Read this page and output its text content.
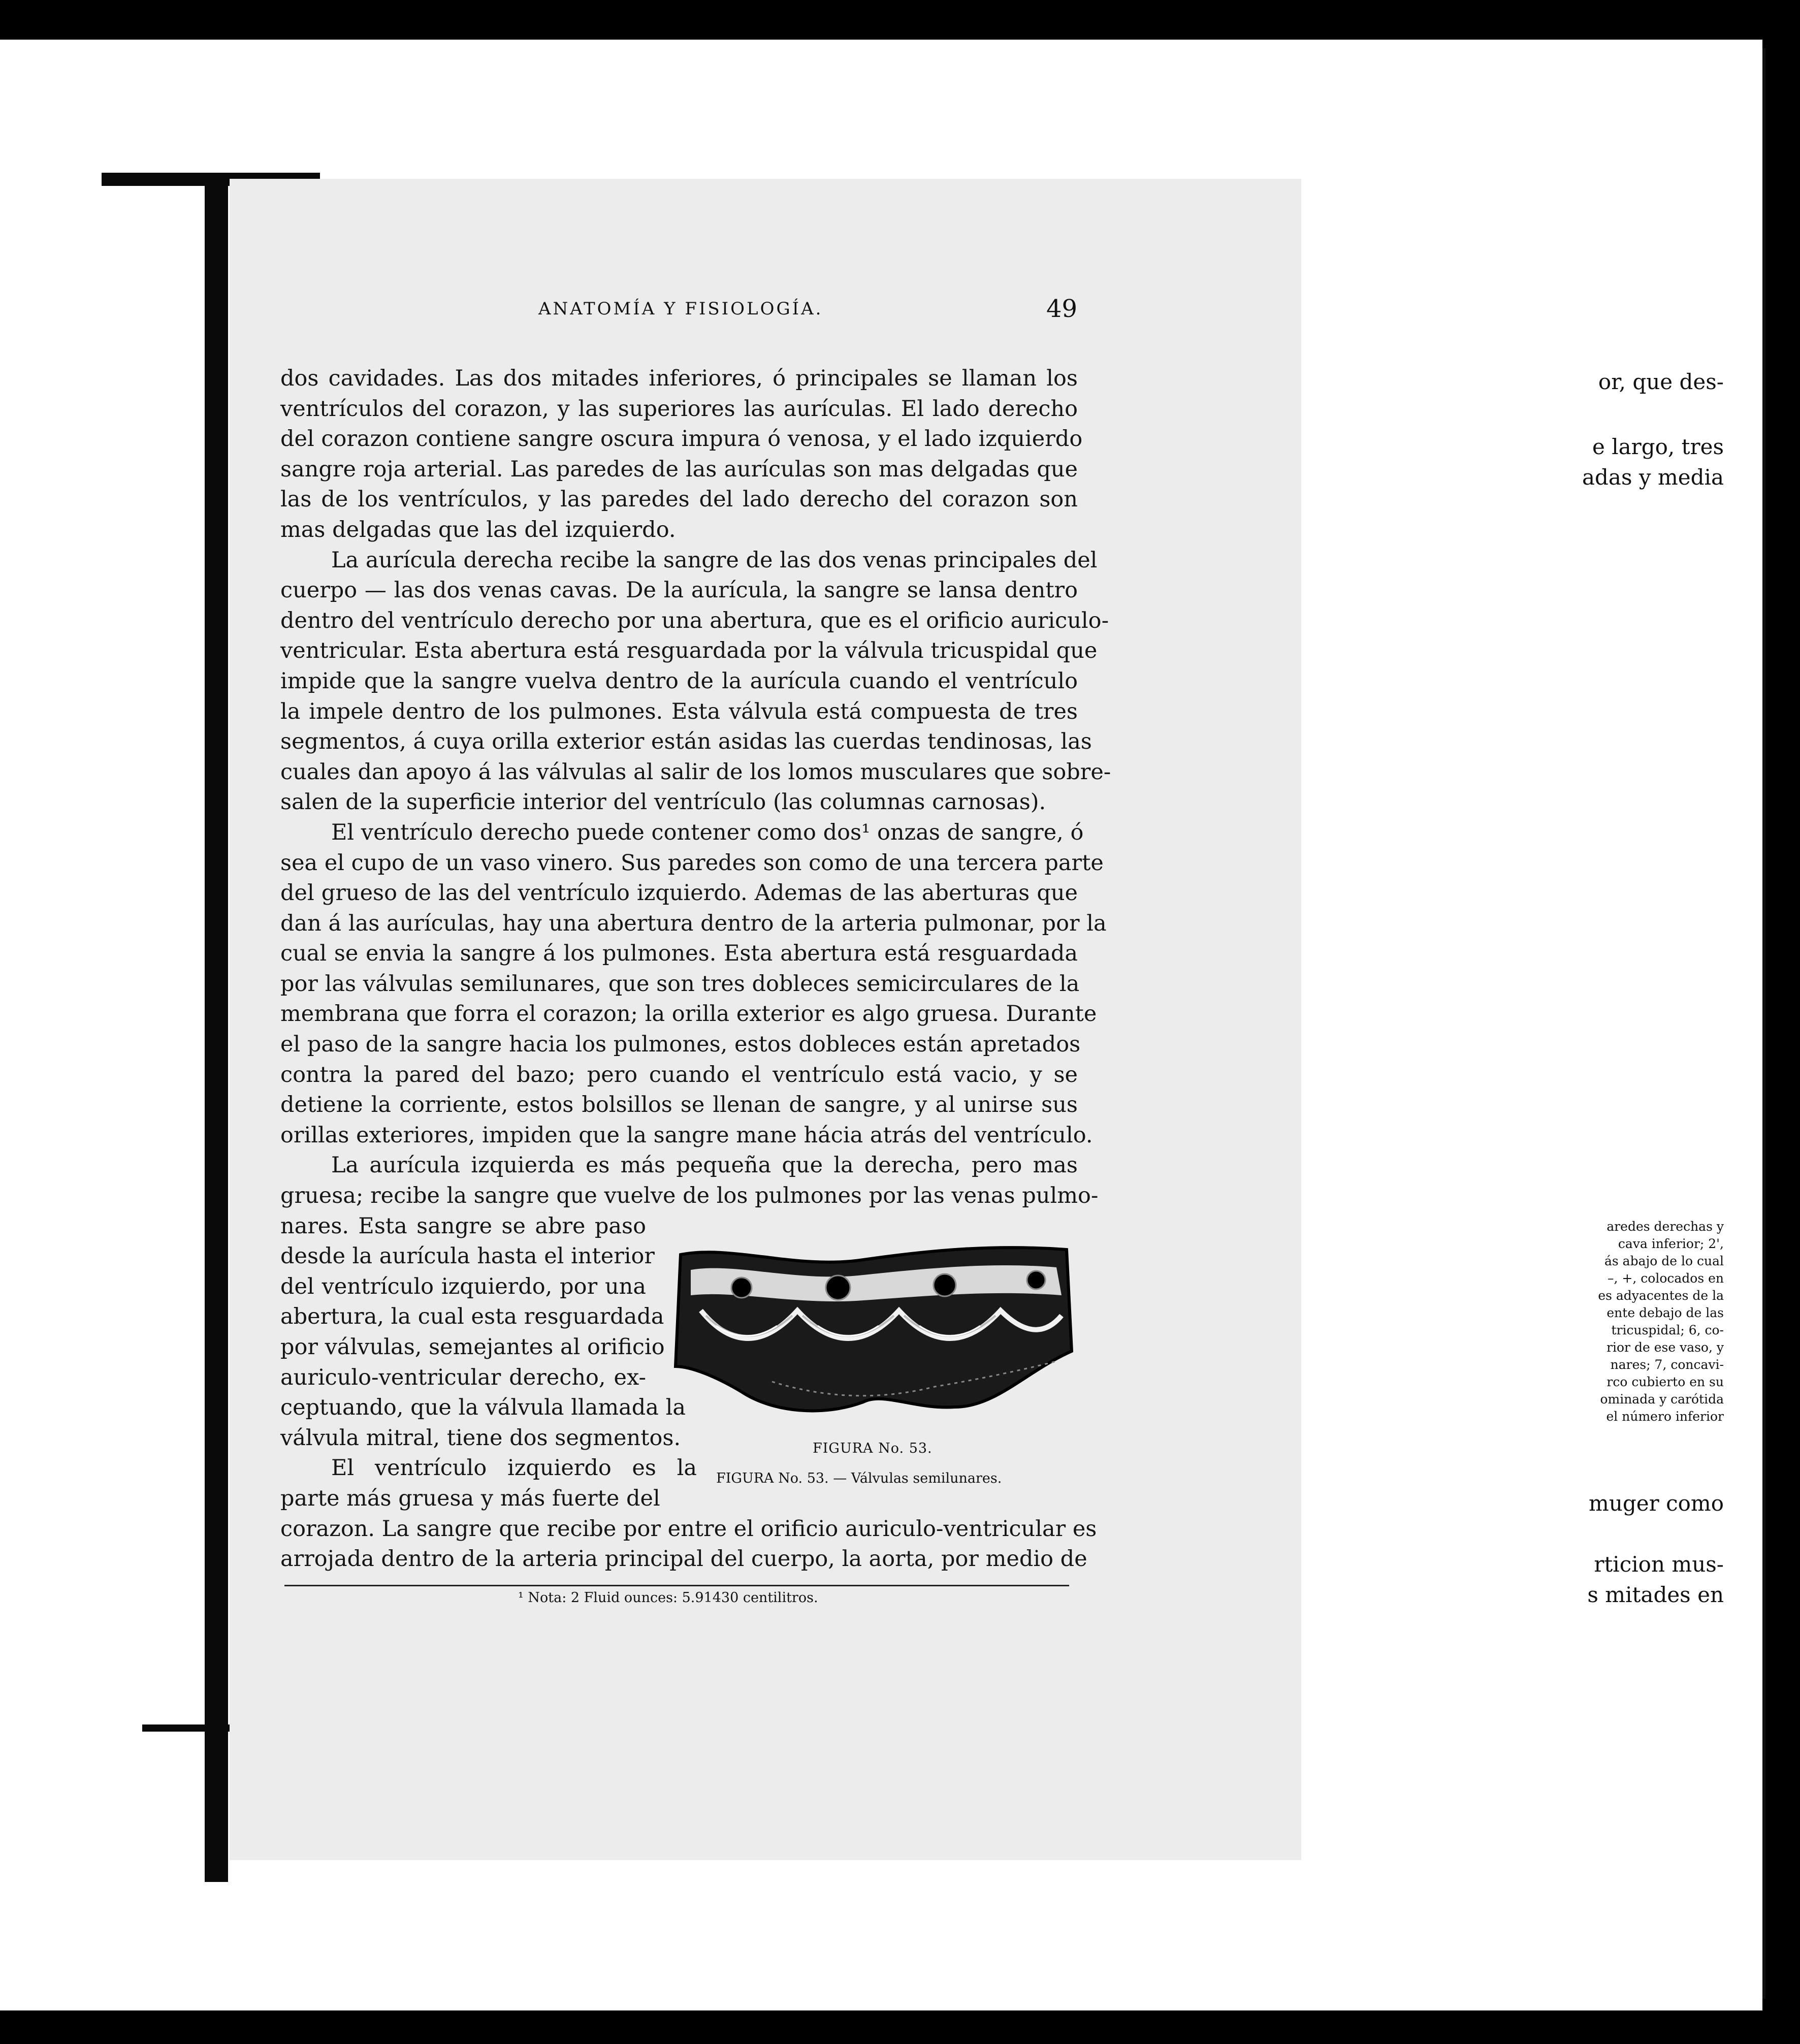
or, que des-
e largo, tres
adas y media
aredes derechas y
cava inferior; 2',
ás abajo de lo cual
–, +, colocados en
es adyacentes de la
ente debajo de las
tricuspidal; 6, co-
rior de ese vaso, y
nares; 7, concavi-
rco cubierto en su
ominada y carótida
el número inferior
muger como
rticion mus-
s mitades en
ANATOMÍA Y FISIOLOGÍA.	49
dos cavidades. Las dos mitades inferiores, ó principales se llaman los
ventrículos del corazon, y las superiores las aurículas. El lado derecho
del corazon contiene sangre oscura impura ó venosa, y el lado izquierdo
sangre roja arterial. Las paredes de las aurículas son mas delgadas que
las de los ventrículos, y las paredes del lado derecho del corazon son
mas delgadas que las del izquierdo.
La aurícula derecha recibe la sangre de las dos venas principales del
cuerpo — las dos venas cavas. De la aurícula, la sangre se lansa dentro
dentro del ventrículo derecho por una abertura, que es el orificio auriculo-
ventricular. Esta abertura está resguardada por la válvula tricuspidal que
impide que la sangre vuelva dentro de la aurícula cuando el ventrículo
la impele dentro de los pulmones. Esta válvula está compuesta de tres
segmentos, á cuya orilla exterior están asidas las cuerdas tendinosas, las
cuales dan apoyo á las válvulas al salir de los lomos musculares que sobre-
salen de la superficie interior del ventrículo (las columnas carnosas).
El ventrículo derecho puede contener como dos¹ onzas de sangre, ó
sea el cupo de un vaso vinero. Sus paredes son como de una tercera parte
del grueso de las del ventrículo izquierdo. Ademas de las aberturas que
dan á las aurículas, hay una abertura dentro de la arteria pulmonar, por la
cual se envia la sangre á los pulmones. Esta abertura está resguardada
por las válvulas semilunares, que son tres dobleces semicirculares de la
membrana que forra el corazon; la orilla exterior es algo gruesa. Durante
el paso de la sangre hacia los pulmones, estos dobleces están apretados
contra la pared del bazo; pero cuando el ventrículo está vacio, y se
detiene la corriente, estos bolsillos se llenan de sangre, y al unirse sus
orillas exteriores, impiden que la sangre mane hácia atrás del ventrículo.
La aurícula izquierda es más pequeña que la derecha, pero mas
gruesa; recibe la sangre que vuelve de los pulmones por las venas pulmo-
nares. Esta sangre se abre paso
desde la aurícula hasta el interior
del ventrículo izquierdo, por una
abertura, la cual esta resguardada
por válvulas, semejantes al orificio
auriculo-ventricular derecho, ex-
ceptuando, que la válvula llamada la
válvula mitral, tiene dos segmentos.
El ventrículo izquierdo es la
parte más gruesa y más fuerte del
corazon. La sangre que recibe por entre el orificio auriculo-ventricular es
arrojada dentro de la arteria principal del cuerpo, la aorta, por medio de
FIGURA No. 53.
FIGURA No. 53. — Válvulas semilunares.
¹ Nota: 2 Fluid ounces: 5.91430 centilitros.
